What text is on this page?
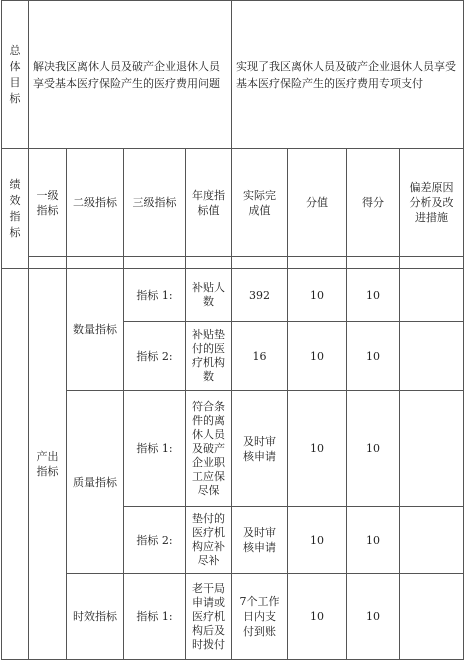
总体目标	解决我区离休人员及破产企业退休人员享受基本医疗保险产生的医疗费用问题				实现了我区离休人员及破产企业退休人员享受基本医疗保险产生的医疗费用专项支付			
绩效指标	一级指标	二级指标	三级指标	年度指标值	实际完成值	分值	得分	偏差原因分析及改进措施

	产出指标	数量指标	指标 1:	补贴人数	392	10	10	
			指标 2:	补贴垫付的医疗机构数	16	10	10	
		质量指标	指标 1:	符合条件的离休人员及破产企业职工应保尽保	及时审核申请	10	10	
			指标 2:	垫付的医疗机构应补尽补	及时审核申请	10	10	
		时效指标	指标 1:	老干局申请或医疗机构后及时拨付	7个工作日内支付到账	10	10	
